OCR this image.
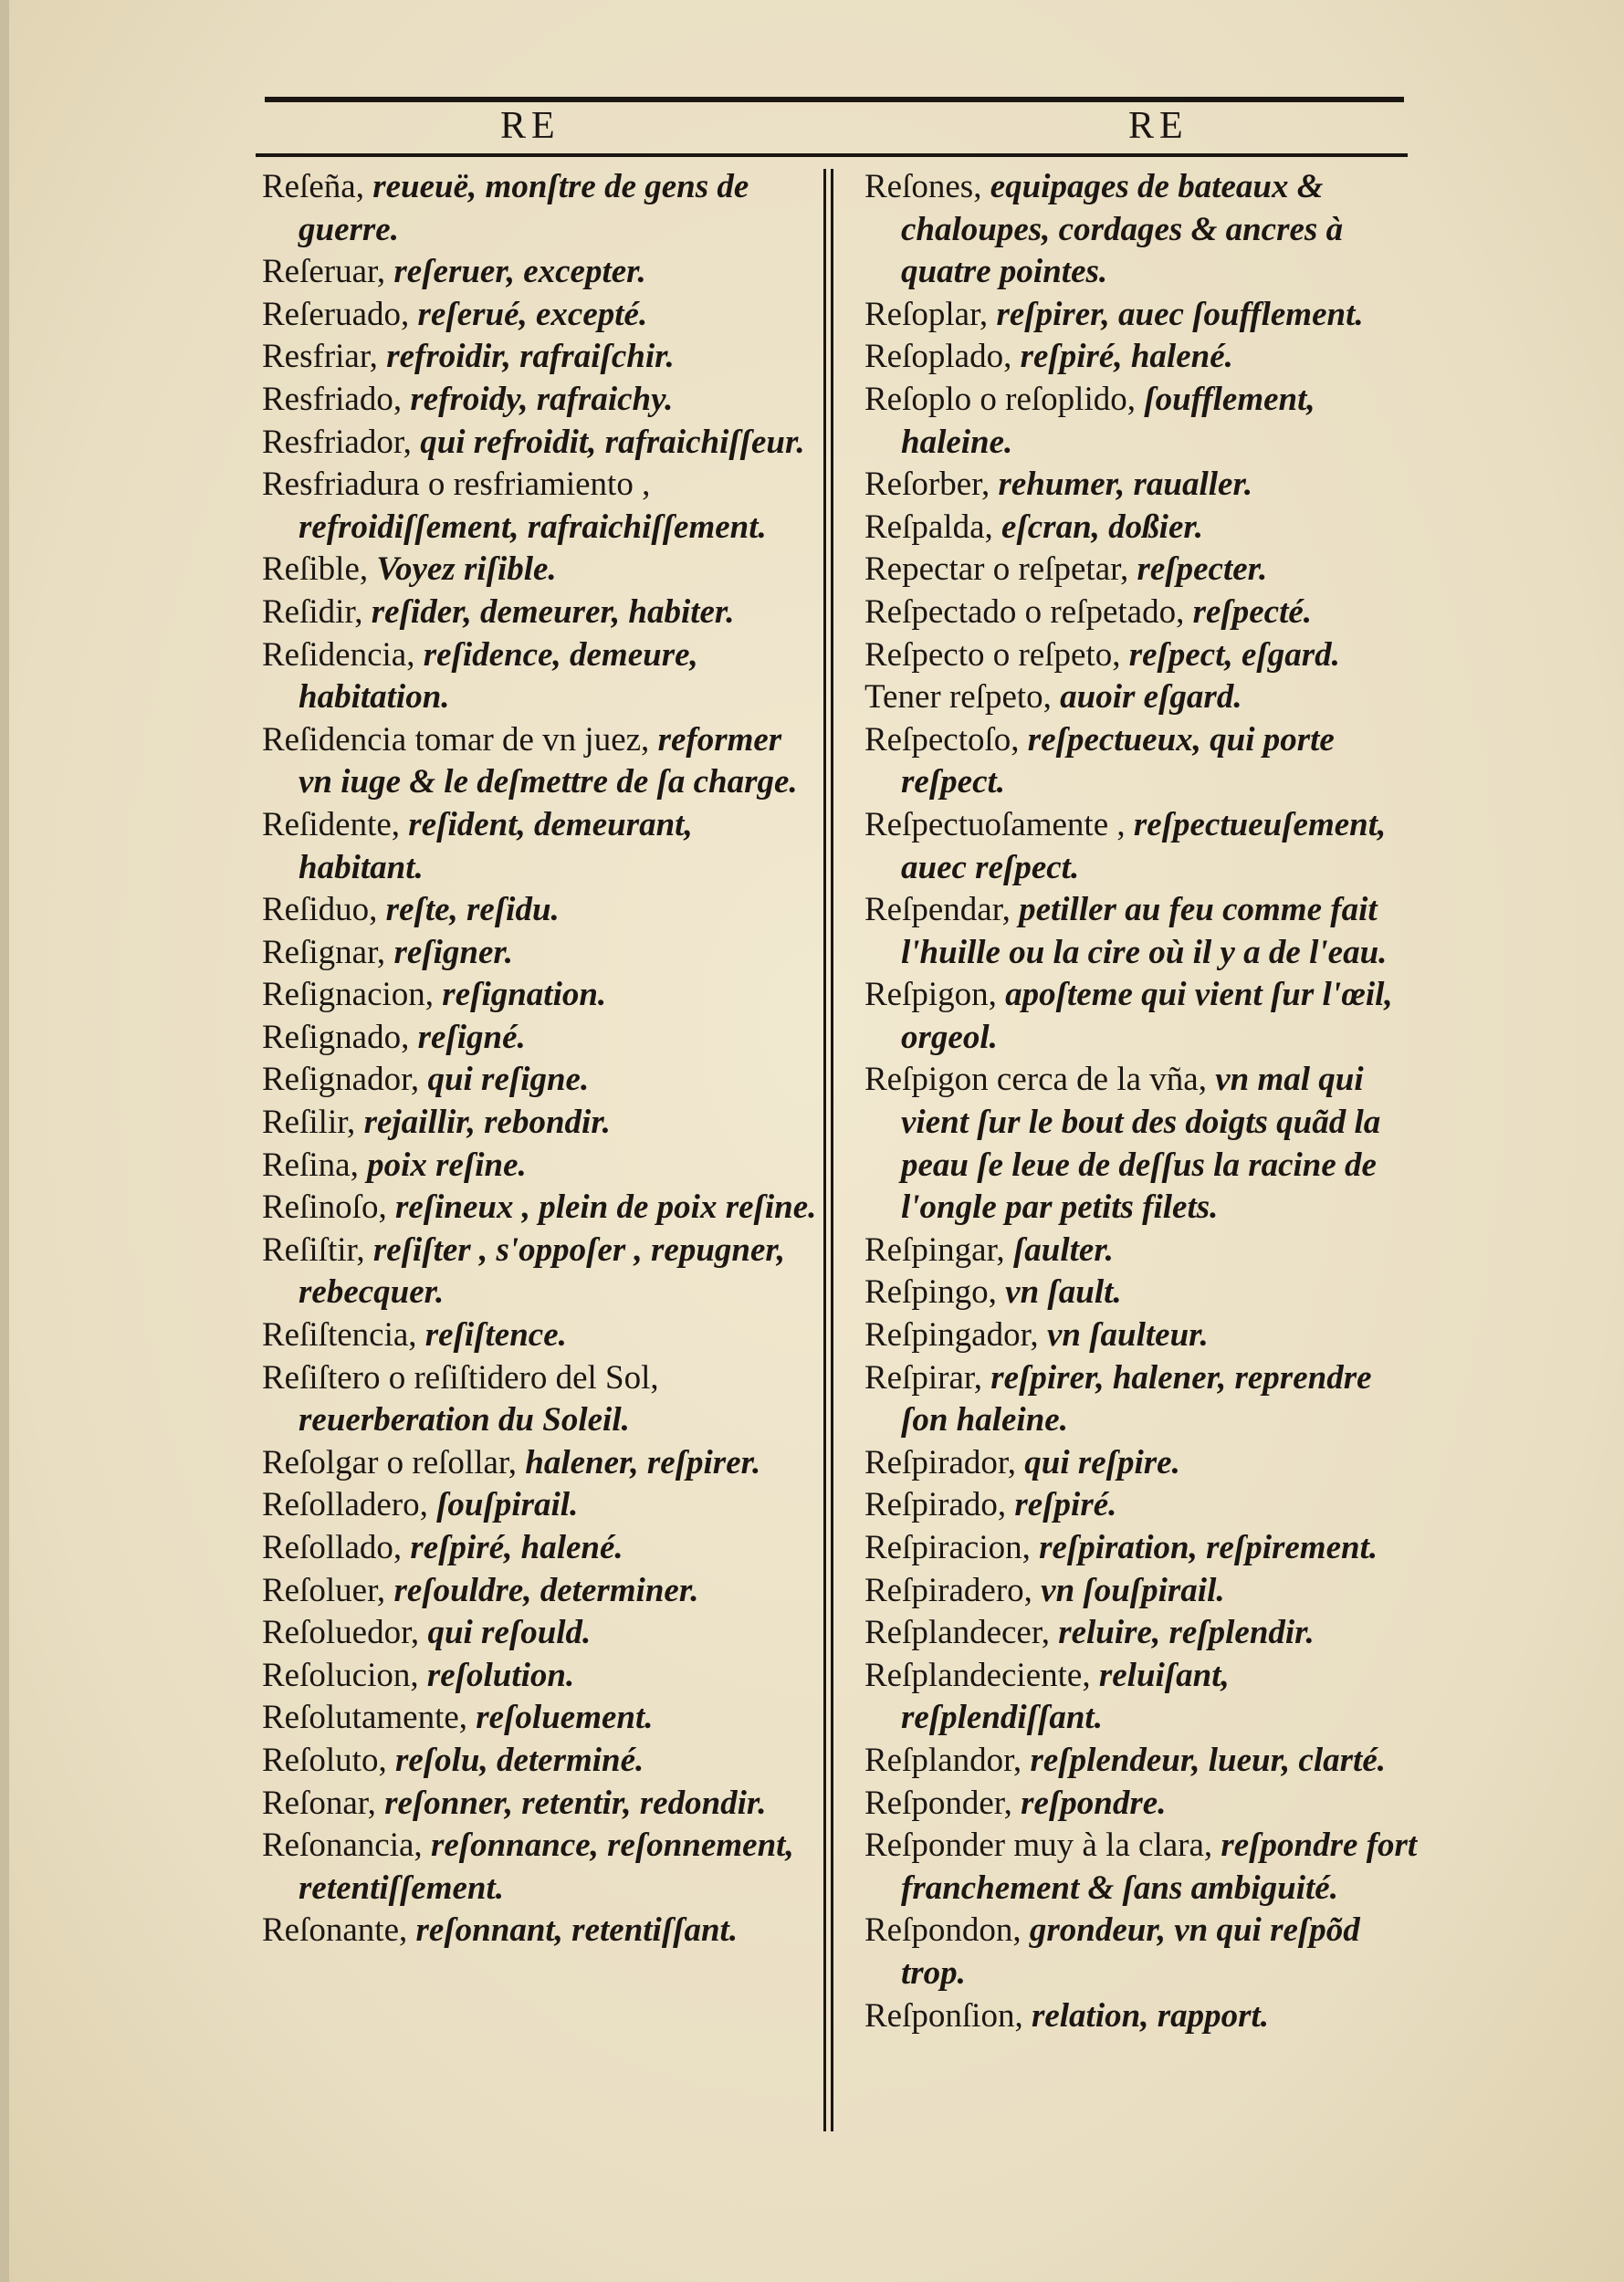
RE	RE
Reſeña, reueuë, monſtre de gens de guerre.
Reſeruar, reſeruer, excepter.
Reſeruado, reſerué, excepté.
Resfriar, refroidir, rafraiſchir.
Resfriado, refroidy, rafraichy.
Resfriador, qui refroidit, rafraichiſſeur.
Resfriadura o resfriamiento , refroidiſſement, rafraichiſſement.
Reſible, Voyez riſible.
Reſidir, reſider, demeurer, habiter.
Reſidencia, reſidence, demeure, habitation.
Reſidencia tomar de vn juez, reformer vn iuge & le deſmettre de ſa charge.
Reſidente, reſident, demeurant, habitant.
Reſiduo, reſte, reſidu.
Reſignar, reſigner.
Reſignacion, reſignation.
Reſignado, reſigné.
Reſignador, qui reſigne.
Reſilir, rejaillir, rebondir.
Reſina, poix reſine.
Reſinoſo, reſineux , plein de poix reſine.
Reſiſtir, reſiſter , s'oppoſer , repugner, rebecquer.
Reſiſtencia, reſiſtence.
Reſiſtero o reſiſtidero del Sol, reuerberation du Soleil.
Reſolgar o reſollar, halener, reſpirer.
Reſolladero, ſouſpirail.
Reſollado, reſpiré, halené.
Reſoluer, reſouldre, determiner.
Reſoluedor, qui reſould.
Reſolucion, reſolution.
Reſolutamente, reſoluement.
Reſoluto, reſolu, determiné.
Reſonar, reſonner, retentir, redondir.
Reſonancia, reſonnance, reſonnement, retentiſſement.
Reſonante, reſonnant, retentiſſant.
Reſones, equipages de bateaux & chaloupes, cordages & ancres à quatre pointes.
Reſoplar, reſpirer, auec ſoufflement.
Reſoplado, reſpiré, halené.
Reſoplo o reſoplido, ſoufflement, haleine.
Reſorber, rehumer, raualler.
Reſpalda, eſcran, doßier.
Repectar o reſpetar, reſpecter.
Reſpectado o reſpetado, reſpecté.
Reſpecto o reſpeto, reſpect, eſgard.
Tener reſpeto, auoir eſgard.
Reſpectoſo, reſpectueux, qui porte reſpect.
Reſpectuoſamente , reſpectueuſement, auec reſpect.
Reſpendar, petiller au feu comme fait l'huille ou la cire où il y a de l'eau.
Reſpigon, apoſteme qui vient ſur l'œil, orgeol.
Reſpigon cerca de la vña, vn mal qui vient ſur le bout des doigts quãd la peau ſe leue de deſſus la racine de l'ongle par petits filets.
Reſpingar, ſaulter.
Reſpingo, vn ſault.
Reſpingador, vn ſaulteur.
Reſpirar, reſpirer, halener, reprendre ſon haleine.
Reſpirador, qui reſpire.
Reſpirado, reſpiré.
Reſpiracion, reſpiration, reſpirement.
Reſpiradero, vn ſouſpirail.
Reſplandecer, reluire, reſplendir.
Reſplandeciente, reluiſant, reſplendiſſant.
Reſplandor, reſplendeur, lueur, clarté.
Reſponder, reſpondre.
Reſponder muy à la clara, reſpondre fort franchement & ſans ambiguité.
Reſpondon, grondeur, vn qui reſpõd trop.
Reſponſion, relation, rapport.
